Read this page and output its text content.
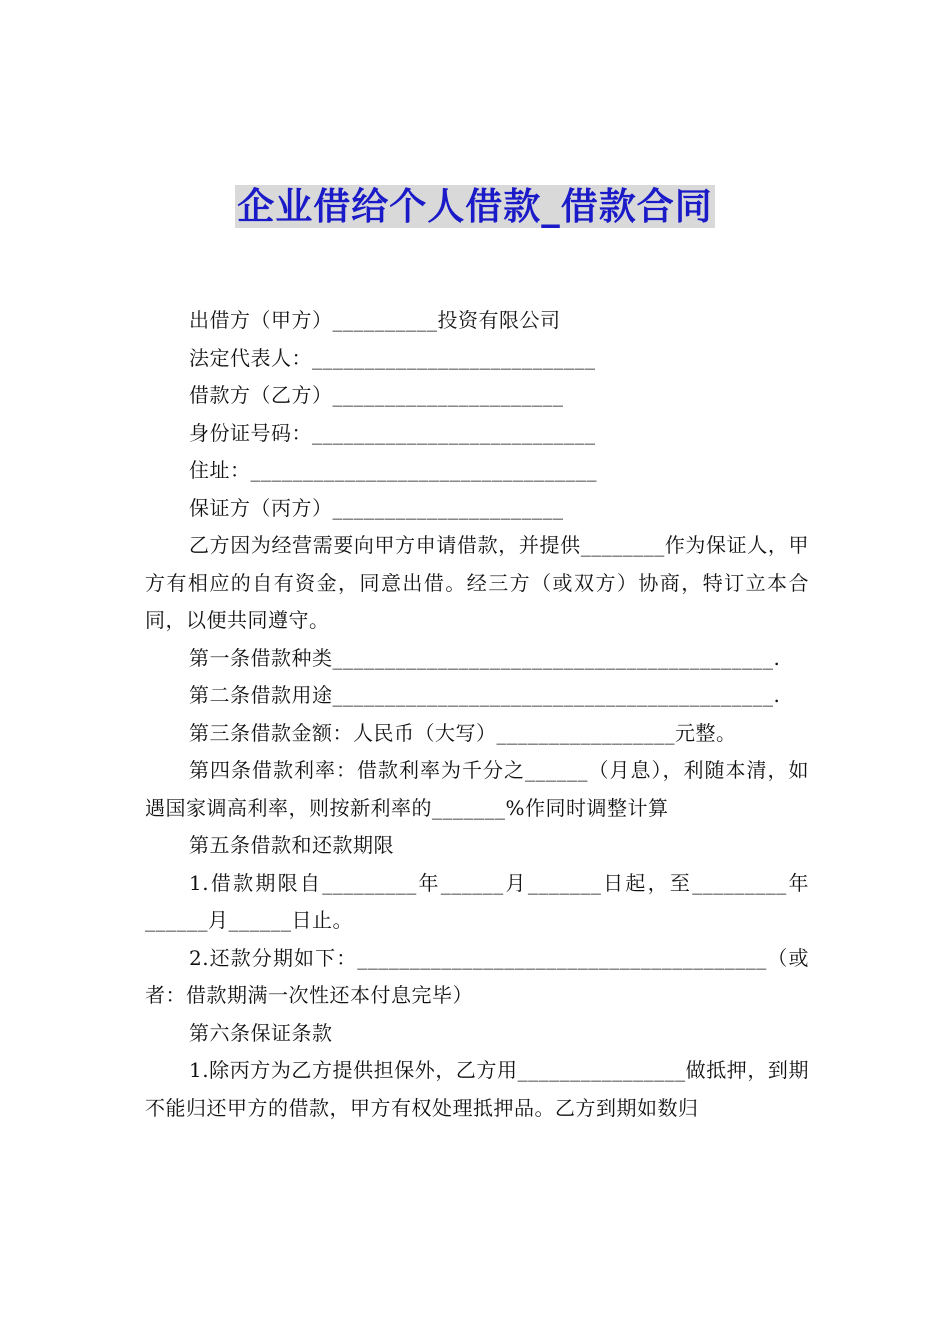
企业借给个人借款_借款合同

出借方（甲方）__________投资有限公司

法定代表人：___________________________

借款方（乙方）______________________

身份证号码：___________________________

住址：_________________________________

保证方（丙方）______________________

乙方因为经营需要向甲方申请借款，并提供________作为保证人，甲方有相应的自有资金，同意出借。经三方（或双方）协商，特订立本合同，以便共同遵守。

第一条借款种类__________________________________________.

第二条借款用途__________________________________________.

第三条借款金额：人民币（大写）_________________元整。

第四条借款利率：借款利率为千分之______（月息），利随本清，如遇国家调高利率，则按新利率的_______%作同时调整计算

第五条借款和还款期限

1.借款期限自_________年______月_______日起，至_________年______月______日止。

2.还款分期如下：_______________________________________（或者：借款期满一次性还本付息完毕）

第六条保证条款

1.除丙方为乙方提供担保外，乙方用________________做抵押，到期不能归还甲方的借款，甲方有权处理抵押品。乙方到期如数归
